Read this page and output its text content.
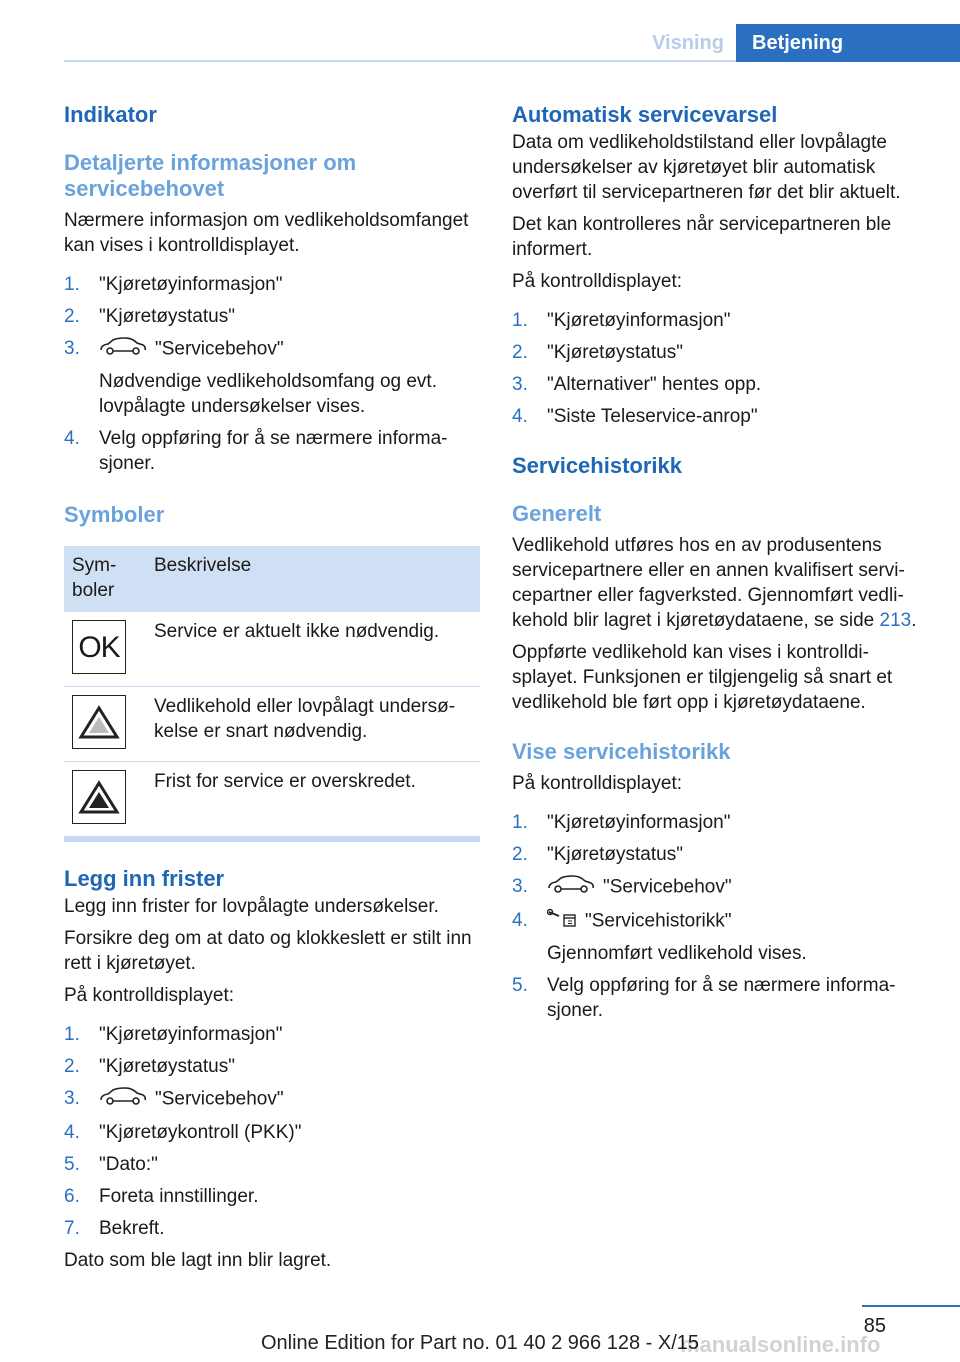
Visning	Betjening
Indikator
Detaljerte informasjoner om servicebehovet

Nærmere informasjon om vedlikeholdsomfanget kan vises i kontrolldisplayet.

1. "Kjøretøyinformasjon"
2. "Kjøretøystatus"
3.	"Servicebehov"
Nødvendige vedlikeholdsomfang og evt. lovpålagte undersøkelser vises.
4. Velg oppføring for å se nærmere informasjoner.
Symboler
Symboler	Beskrivelse

OK	Service er aktuelt ikke nødvendig.

	Vedlikehold eller lovpålagt undersøkelse er snart nødvendig.

	Frist for service er overskredet.
Legg inn frister

Legg inn frister for lovpålagte undersøkelser.

Forsikre deg om at dato og klokkeslett er stilt inn rett i kjøretøyet.

På kontrolldisplayet:

1. "Kjøretøyinformasjon"
2. "Kjøretøystatus"
3.	"Servicebehov"
4. "Kjøretøykontroll (PKK)"
5. "Dato:"
6. Foreta innstillinger.
7. Bekreft.

Dato som ble lagt inn blir lagret.

Automatisk servicevarsel

Data om vedlikeholdstilstand eller lovpålagte undersøkelser av kjøretøyet blir automatisk overført til servicepartneren før det blir aktuelt.

Det kan kontrolleres når servicepartneren ble informert.

På kontrolldisplayet:

1. "Kjøretøyinformasjon"
2. "Kjøretøystatus"
3. "Alternativer" hentes opp.
4. "Siste Teleservice-anrop"
Servicehistorikk
Generelt

Vedlikehold utføres hos en av produsentens servicepartnere eller en annen kvalifisert servicepartner eller fagverksted. Gjennomført vedlikehold blir lagret i kjøretøydataene, se side 213.

Oppførte vedlikehold kan vises i kontrolldisplayet. Funksjonen er tilgjengelig så snart et vedlikehold ble ført opp i kjøretøydataene.

Vise servicehistorikk

På kontrolldisplayet:

1. "Kjøretøyinformasjon"
2. "Kjøretøystatus"
3.	"Servicebehov"
4.	"Servicehistorikk"
Gjennomført vedlikehold vises.
5. Velg oppføring for å se nærmere informasjoner.
85
Online Edition for Part no. 01 40 2 966 128 - X/15
manualsonline.info
